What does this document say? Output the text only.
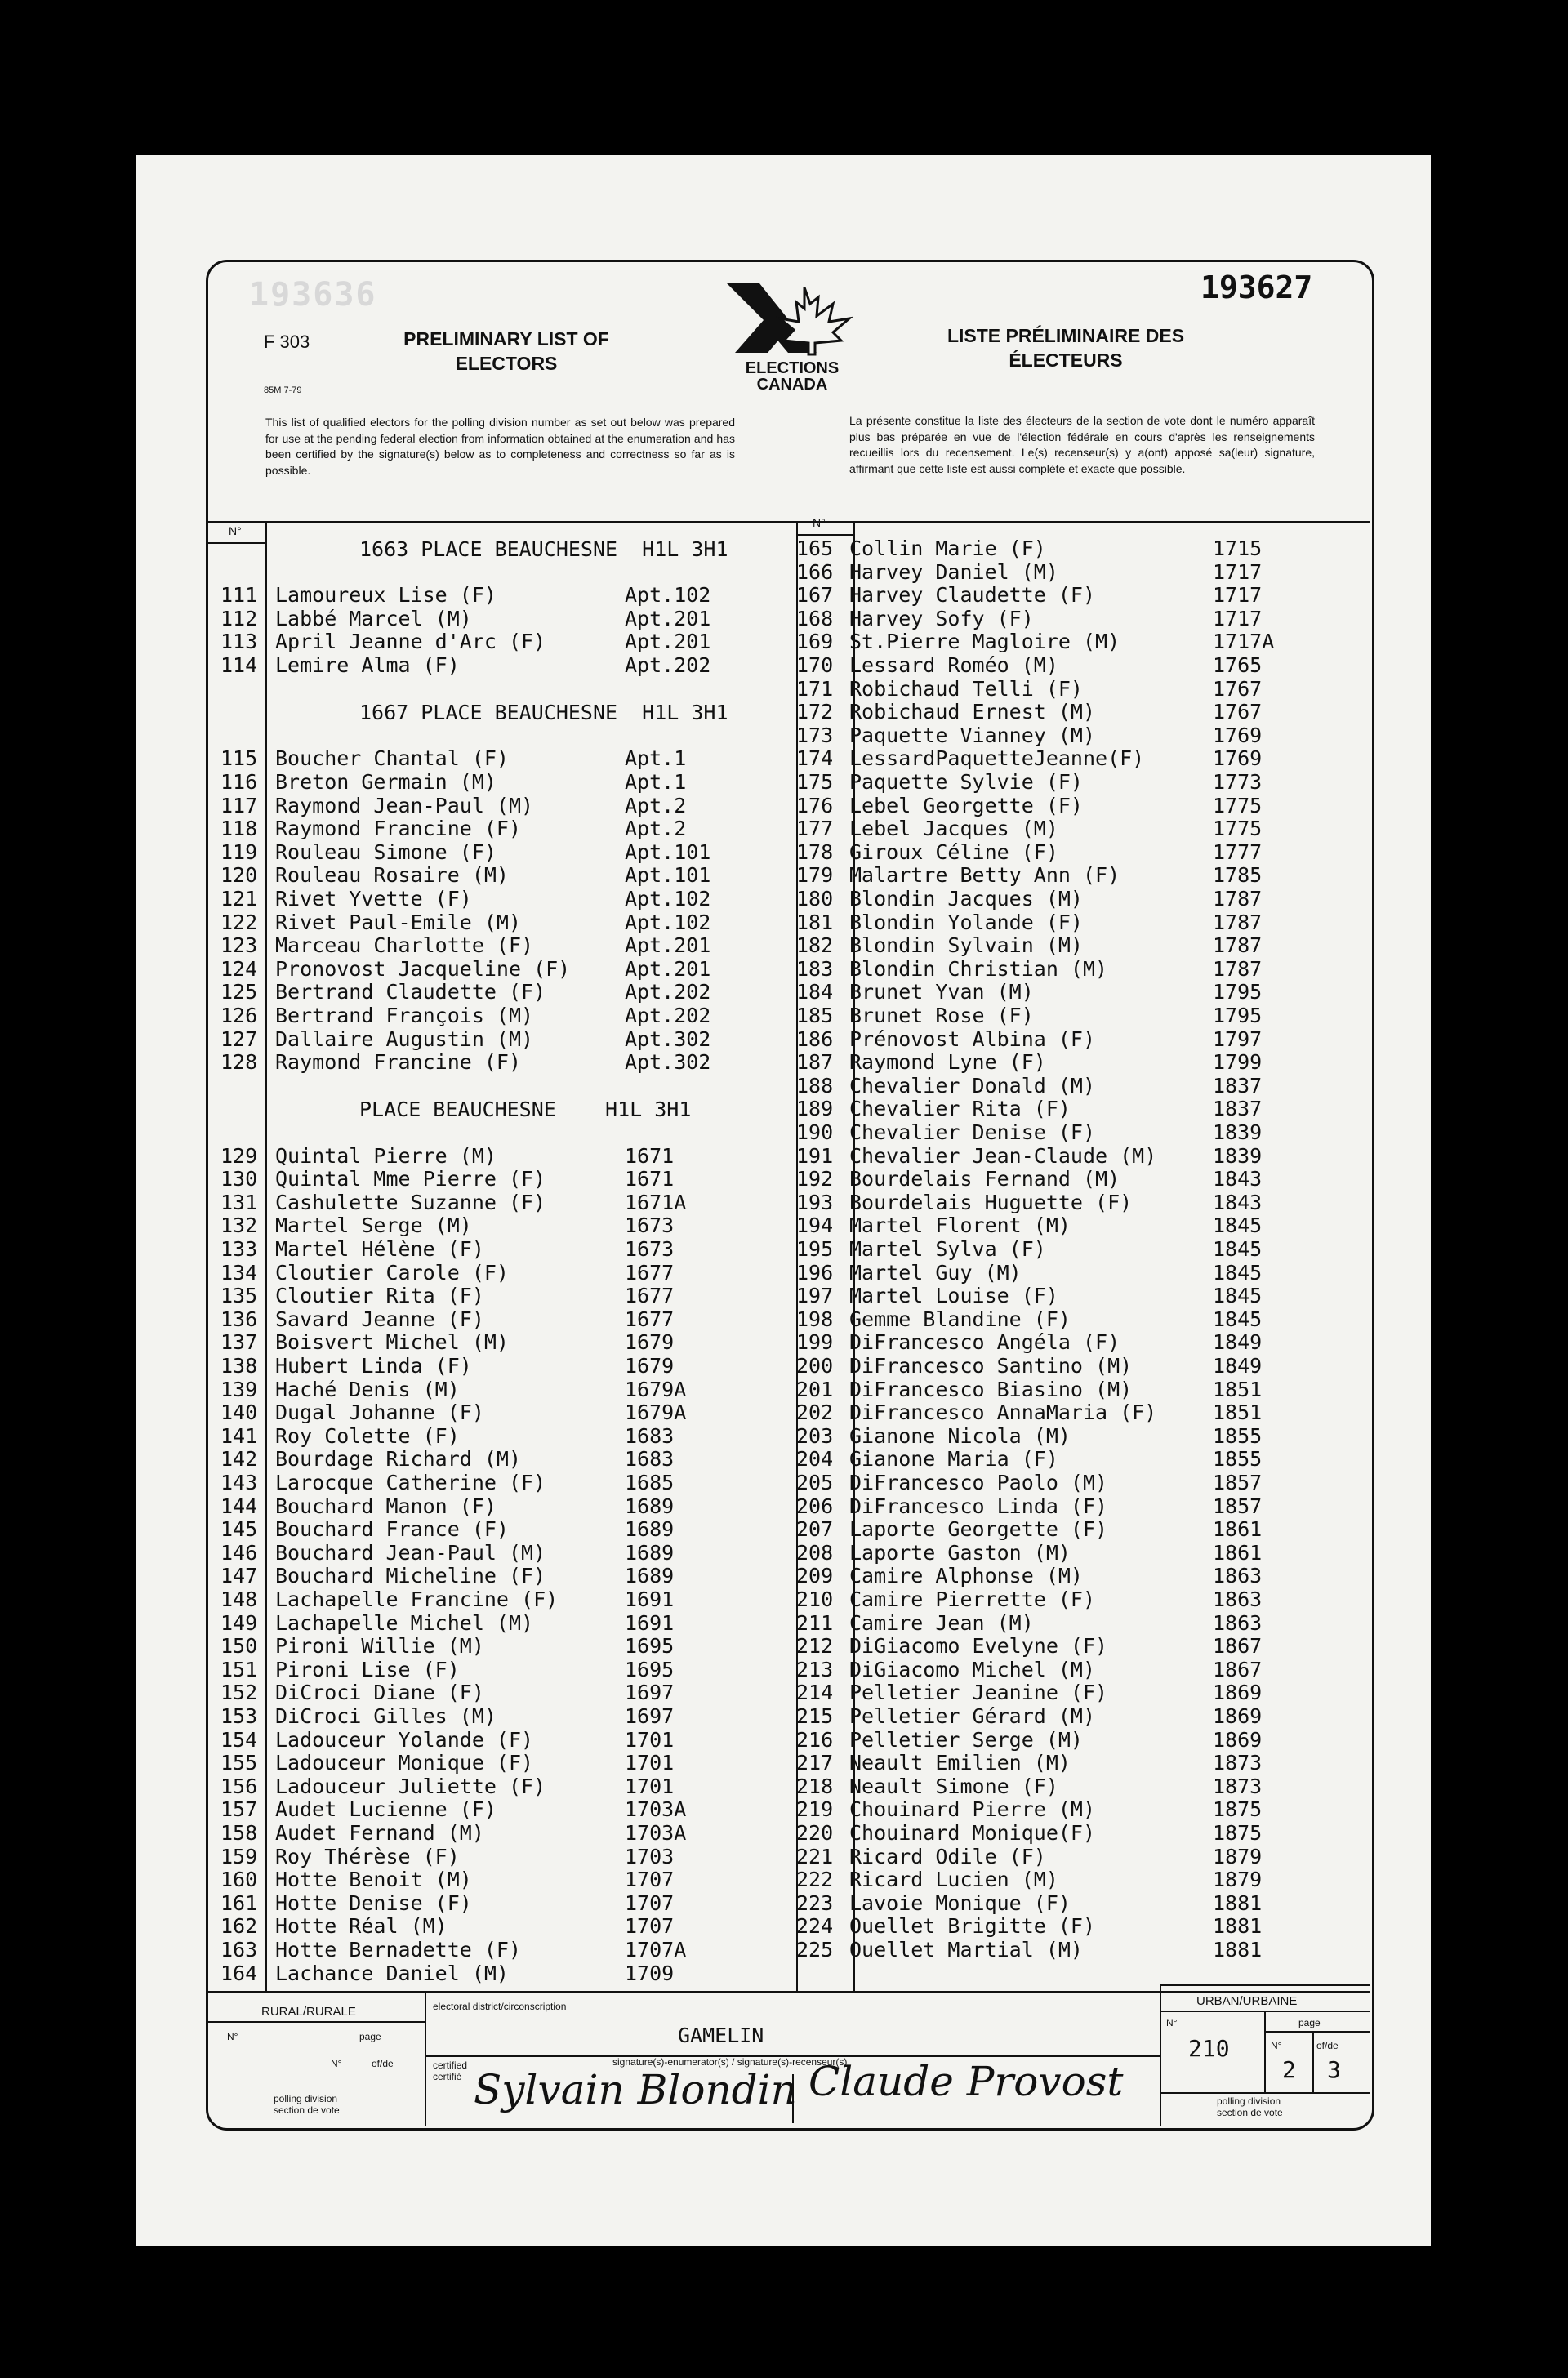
193636	193627
F 303
85M 7-79
PRELIMINARY LIST OF
ELECTORS
LISTE PRÉLIMINAIRE DES
ÉLECTEURS
ELECTIONS
CANADA
This list of qualified electors for the polling division number as set out below was prepared for use at the pending federal election from information obtained at the enumeration and has been certified by the signature(s) below as to completeness and correctness so far as is possible.
La présente constitue la liste des électeurs de la section de vote dont le numéro apparaît plus bas préparée en vue de l'élection fédérale en cours d'après les renseignements recueillis lors du recensement. Le(s) recenseur(s) y a(ont) apposé sa(leur) signature, affirmant que cette liste est aussi complète et exacte que possible.
N°
N°
1663 PLACE BEAUCHESNE  H1L 3H1
111 Lamoureux Lise (F)	Apt.102
112 Labbé Marcel (M)	Apt.201
113 April Jeanne d'Arc (F)	Apt.201
114 Lemire Alma (F)	Apt.202
1667 PLACE BEAUCHESNE  H1L 3H1
115 Boucher Chantal (F)	Apt.1
116 Breton Germain (M)	Apt.1
117 Raymond Jean-Paul (M)	Apt.2
118 Raymond Francine (F)	Apt.2
119 Rouleau Simone (F)	Apt.101
120 Rouleau Rosaire (M)	Apt.101
121 Rivet Yvette (F)	Apt.102
122 Rivet Paul-Emile (M)	Apt.102
123 Marceau Charlotte (F)	Apt.201
124 Pronovost Jacqueline (F)	Apt.201
125 Bertrand Claudette (F)	Apt.202
126 Bertrand François (M)	Apt.202
127 Dallaire Augustin (M)	Apt.302
128 Raymond Francine (F)	Apt.302
PLACE BEAUCHESNE    H1L 3H1
129 Quintal Pierre (M)	1671
130 Quintal Mme Pierre (F)	1671
131 Cashulette Suzanne (F)	1671A
132 Martel Serge (M)	1673
133 Martel Hélène (F)	1673
134 Cloutier Carole (F)	1677
135 Cloutier Rita (F)	1677
136 Savard Jeanne (F)	1677
137 Boisvert Michel (M)	1679
138 Hubert Linda (F)	1679
139 Haché Denis (M)	1679A
140 Dugal Johanne (F)	1679A
141 Roy Colette (F)	1683
142 Bourdage Richard (M)	1683
143 Larocque Catherine (F)	1685
144 Bouchard Manon (F)	1689
145 Bouchard France (F)	1689
146 Bouchard Jean-Paul (M)	1689
147 Bouchard Micheline (F)	1689
148 Lachapelle Francine (F)	1691
149 Lachapelle Michel (M)	1691
150 Pironi Willie (M)	1695
151 Pironi Lise (F)	1695
152 DiCroci Diane (F)	1697
153 DiCroci Gilles (M)	1697
154 Ladouceur Yolande (F)	1701
155 Ladouceur Monique (F)	1701
156 Ladouceur Juliette (F)	1701
157 Audet Lucienne (F)	1703A
158 Audet Fernand (M)	1703A
159 Roy Thérèse (F)	1703
160 Hotte Benoit (M)	1707
161 Hotte Denise (F)	1707
162 Hotte Réal (M)	1707
163 Hotte Bernadette (F)	1707A
164 Lachance Daniel (M)	1709
165 Collin Marie (F)	1715
166 Harvey Daniel (M)	1717
167 Harvey Claudette (F)	1717
168 Harvey Sofy (F)	1717
169 St.Pierre Magloire (M)	1717A
170 Lessard Roméo (M)	1765
171 Robichaud Telli (F)	1767
172 Robichaud Ernest (M)	1767
173 Paquette Vianney (M)	1769
174 LessardPaquetteJeanne(F)	1769
175 Paquette Sylvie (F)	1773
176 Lebel Georgette (F)	1775
177 Lebel Jacques (M)	1775
178 Giroux Céline (F)	1777
179 Malartre Betty Ann (F)	1785
180 Blondin Jacques (M)	1787
181 Blondin Yolande (F)	1787
182 Blondin Sylvain (M)	1787
183 Blondin Christian (M)	1787
184 Brunet Yvan (M)	1795
185 Brunet Rose (F)	1795
186 Prénovost Albina (F)	1797
187 Raymond Lyne (F)	1799
188 Chevalier Donald (M)	1837
189 Chevalier Rita (F)	1837
190 Chevalier Denise (F)	1839
191 Chevalier Jean-Claude (M)	1839
192 Bourdelais Fernand (M)	1843
193 Bourdelais Huguette (F)	1843
194 Martel Florent (M)	1845
195 Martel Sylva (F)	1845
196 Martel Guy (M)	1845
197 Martel Louise (F)	1845
198 Gemme Blandine (F)	1845
199 DiFrancesco Angéla (F)	1849
200 DiFrancesco Santino (M)	1849
201 DiFrancesco Biasino (M)	1851
202 DiFrancesco AnnaMaria (F)	1851
203 Gianone Nicola (M)	1855
204 Gianone Maria (F)	1855
205 DiFrancesco Paolo (M)	1857
206 DiFrancesco Linda (F)	1857
207 Laporte Georgette (F)	1861
208 Laporte Gaston (M)	1861
209 Camire Alphonse (M)	1863
210 Camire Pierrette (F)	1863
211 Camire Jean (M)	1863
212 DiGiacomo Evelyne (F)	1867
213 DiGiacomo Michel (M)	1867
214 Pelletier Jeanine (F)	1869
215 Pelletier Gérard (M)	1869
216 Pelletier Serge (M)	1869
217 Neault Emilien (M)	1873
218 Neault Simone (F)	1873
219 Chouinard Pierre (M)	1875
220 Chouinard Monique(F)	1875
221 Ricard Odile (F)	1879
222 Ricard Lucien (M)	1879
223 Lavoie Monique (F)	1881
224 Ouellet Brigitte (F)	1881
225 Ouellet Martial (M)	1881
RURAL/RURALE
N°	page
N°	of/de
polling division
section de vote
electoral district/circonscription
GAMELIN
certified
certifié
signature(s)-enumerator(s) / signature(s)-recenseur(s)
Sylvain Blondin Claude Provost
URBAN/URBAINE
N°	page
210	N°	of/de
2 3
polling division
section de vote
